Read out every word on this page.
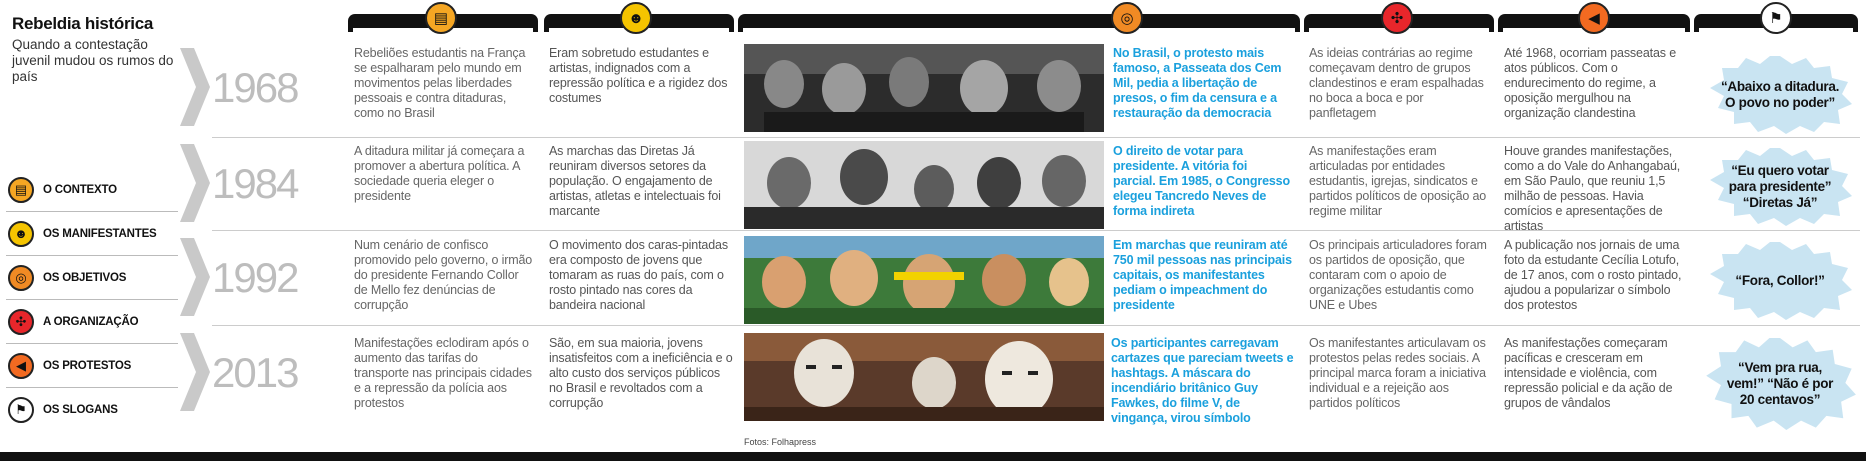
Rebeldia histórica
Quando a contestação juvenil mudou os rumos do país
▤	O CONTEXTO
☻	OS MANIFESTANTES
◎	OS OBJETIVOS
✣	A ORGANIZAÇÃO
◀	OS PROTESTOS
⚑	OS SLOGANS
▤	☻	◎	✣	◀	⚑
1968
Rebeliões estudantis na França se espalharam pelo mundo em movimentos pelas liberdades pessoais e contra ditaduras, como no Brasil
Eram sobretudo estudantes e artistas, indignados com a repressão política e a rigidez dos costumes
No Brasil, o protesto mais famoso, a Passeata dos Cem Mil, pedia a libertação de presos, o fim da censura e a restauração da democracia
As ideias contrárias ao regime começavam dentro de grupos clandestinos e eram espalhadas no boca a boca e por panfletagem
Até 1968, ocorriam passeatas e atos públicos. Com o endurecimento do regime, a oposição mergulhou na organização clandestina
“Abaixo a ditadura. O povo no poder”
1984
A ditadura militar já começara a promover a abertura política. A sociedade queria eleger o presidente
As marchas das Diretas Já reuniram diversos setores da população. O engajamento de artistas, atletas e intelectuais foi marcante
O direito de votar para presidente. A vitória foi parcial. Em 1985, o Congresso elegeu Tancredo Neves de forma indireta
As manifestações eram articuladas por entidades estudantis, igrejas, sindicatos e partidos políticos de oposição ao regime militar
Houve grandes manifestações, como a do Vale do Anhangabaú, em São Paulo, que reuniu 1,5 milhão de pessoas. Havia comícios e apresentações de artistas
“Eu quero votar para presidente” “Diretas Já”
1992
Num cenário de confisco promovido pelo governo, o irmão do presidente Fernando Collor de Mello fez denúncias de corrupção
O movimento dos caras-pintadas era composto de jovens que tomaram as ruas do país, com o rosto pintado nas cores da bandeira nacional
Em marchas que reuniram até 750 mil pessoas nas principais capitais, os manifestantes pediam o impeachment do presidente
Os principais articuladores foram os partidos de oposição, que contaram com o apoio de organizações estudantis como UNE e Ubes
A publicação nos jornais de uma foto da estudante Cecília Lotufo, de 17 anos, com o rosto pintado, ajudou a popularizar o símbolo dos protestos
“Fora, Collor!”
2013
Manifestações eclodiram após o aumento das tarifas do transporte nas principais cidades e a repressão da polícia aos protestos
São, em sua maioria, jovens insatisfeitos com a ineficiência e o alto custo dos serviços públicos no Brasil e revoltados com a corrupção
Os participantes carregavam cartazes que pareciam tweets e hashtags. A máscara do incendiário britânico Guy Fawkes, do filme V, de vingança, virou símbolo
Os manifestantes articulavam os protestos pelas redes sociais. A principal marca foram a iniciativa individual e a rejeição aos partidos políticos
As manifestações começaram pacíficas e cresceram em intensidade e violência, com repressão policial e da ação de grupos de vândalos
“Vem pra rua, vem!” “Não é por 20 centavos”
Fotos: Folhapress
